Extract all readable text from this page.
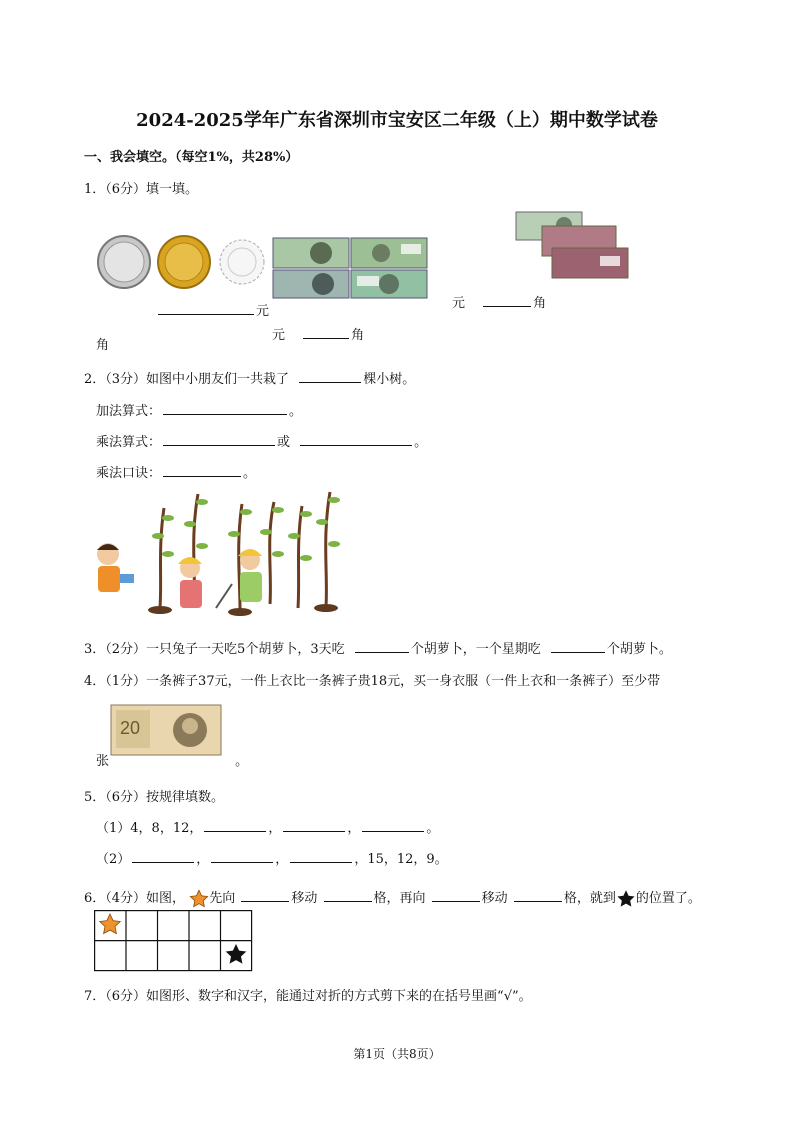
2024-2025学年广东省深圳市宝安区二年级（上）期中数学试卷
一、我会填空。（每空1%，共28%）
1．（6分）填一填。
元
元	角
元	角
角
2．（3分）如图中小朋友们一共栽了	棵小树。
加法算式：	。
乘法算式：	或	。
乘法口诀：	。
3．（2分）一只兔子一天吃5个胡萝卜，3天吃	个胡萝卜，一个星期吃	个胡萝卜。
4．（1分）一条裤子37元，一件上衣比一条裤子贵18元，买一身衣服（一件上衣和一条裤子）至少带
20
张	。
5．（6分）按规律填数。
（1）4，8，12，	，	，	。
（2）	，	，	，15，12，9。
6．（4分）如图， 先向	移动	格，再向	移动	格，就到 的位置了。
7．（6分）如图形、数字和汉字，能通过对折的方式剪下来的在括号里画“√”。
第1页（共8页）
